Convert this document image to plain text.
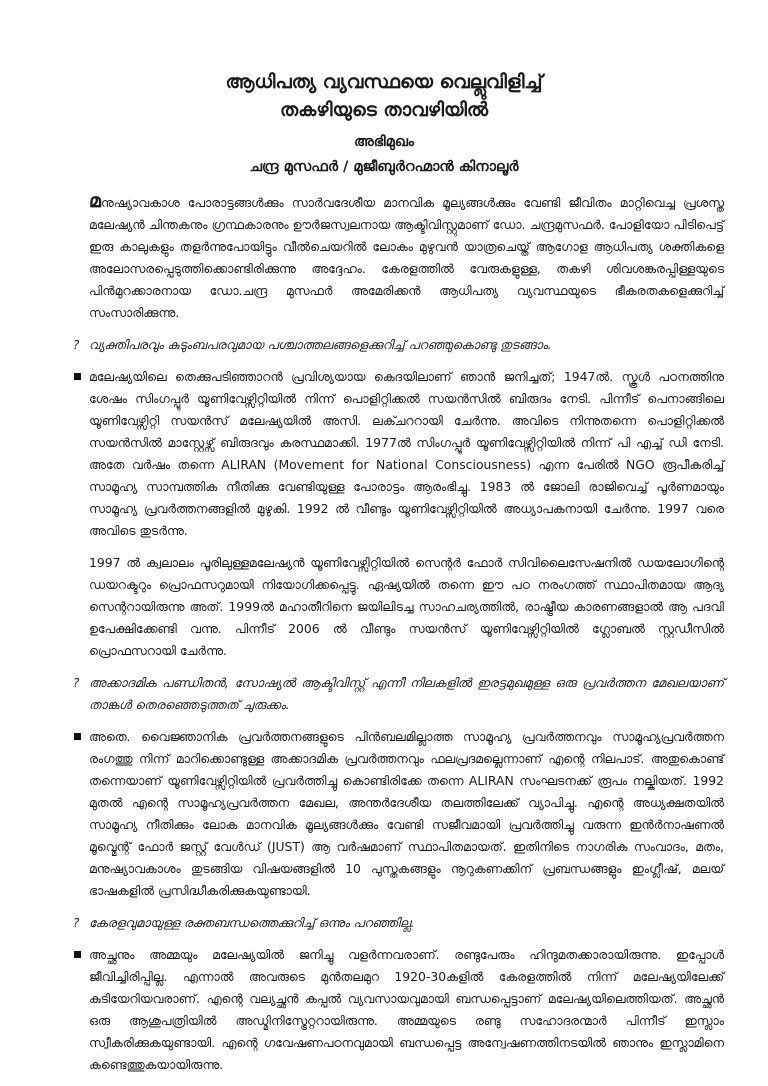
ആധിപത്യ വ്യവസ്ഥയെ വെല്ലുവിളിച്ച്
തകഴിയുടെ താവഴിയിൽ
അഭിമുഖം
ചന്ദ്ര മുസഫർ / മുജീബുർറഹ്മാൻ കിനാലൂർ

മനുഷ്യാവകാശ പോരാട്ടങ്ങൾക്കും സാർവദേശീയ മാനവിക മൂല്യങ്ങൾക്കും വേണ്ടി ജീവിതം മാറ്റിവെച്ച പ്രശസ്ത മലേഷ്യൻ ചിന്തകനും ഗ്രന്ഥകാരനും ഊർജസ്വലനായ ആക്ടിവിസ്റ്റുമാണ് ഡോ. ചന്ദ്രമുസഫർ. പോളിയോ പിടിപെട്ട് ഇരു കാലുകളും തളർന്നുപോയിട്ടും വീൽചെയറിൽ ലോകം മുഴുവൻ യാത്രചെയ്ത് ആഗോള ആധിപത്യ ശക്തികളെ അലോസരപ്പെടുത്തിക്കൊണ്ടിരിക്കുന്നു അദ്ദേഹം. കേരളത്തിൽ വേരുകളുള്ള, തകഴി ശിവശങ്കരപ്പിള്ളയുടെ പിൻമുറക്കാരനായ ഡോ.ചന്ദ്ര മുസഫർ അമേരിക്കൻ ആധിപത്യ വ്യവസ്ഥയുടെ ഭീകരതകളെക്കുറിച്ച് സംസാരിക്കുന്നു.

? വ്യക്തിപരവും കുടുംബപരവുമായ പശ്ചാത്തലങ്ങളെക്കുറിച്ച് പറഞ്ഞുകൊണ്ടു തുടങ്ങാം.
മലേഷ്യയിലെ തെക്കുപടിഞ്ഞാറൻ പ്രവിശ്യയായ കെദയിലാണ് ഞാൻ ജനിച്ചത്; 1947ൽ. സ്കൂൾ പഠനത്തിനു ശേഷം സിംഗപ്പൂർ യൂണിവേഴ്സിറ്റിയിൽ നിന്ന് പൊളിറ്റിക്കൽ സയൻസിൽ ബിരുദം നേടി. പിന്നീട് പെനാങ്ങിലെ യൂണിവേഴ്സിറ്റി സയൻസ് മലേഷ്യയിൽ അസി. ലക്ചററായി ചേർന്നു. അവിടെ നിന്നുതന്നെ പൊളിറ്റിക്കൽ സയൻസിൽ മാസ്റ്റേഴ്സ് ബിരുദവും കരസ്ഥമാക്കി. 1977ൽ സിംഗപ്പൂർ യൂണിവേഴ്സിറ്റിയിൽ നിന്ന് പി എച്ച് ഡി നേടി. അതേ വർഷം തന്നെ ALIRAN (Movement for National Consciousness) എന്ന പേരിൽ NGO രൂപീകരിച്ച് സാമൂഹ്യ സാമ്പത്തിക നീതിക്കു വേണ്ടിയുള്ള പോരാട്ടം ആരംഭിച്ചു. 1983 ൽ ജോലി രാജിവെച്ച് പൂർണമായും സാമൂഹ്യ പ്രവർത്തനങ്ങളിൽ മുഴുകി. 1992 ൽ വീണ്ടും യൂണിവേഴ്സിറ്റിയിൽ അധ്യാപകനായി ചേർന്നു. 1997 വരെ അവിടെ തുടർന്നു.

1997 ൽ ക്വലാലം പൂരിലുള്ളമലേഷ്യൻ യൂണിവേഴ്സിറ്റിയിൽ സെന്റർ ഫോർ സിവിലൈസേഷനിൽ ഡയലോഗിന്റെ ഡയറക്ടറും പ്രൊഫസറുമായി നിയോഗിക്കപ്പെട്ടു. ഏഷ്യയിൽ തന്നെ ഈ പഠ നരംഗത്ത് സ്ഥാപിതമായ ആദ്യ സെന്ററായിരുന്നു അത്. 1999ൽ മഹാതീറിനെ ജയിലിടച്ച സാഹചര്യത്തിൽ, രാഷ്ട്രീയ കാരണങ്ങളാൽ ആ പദവി ഉപേക്ഷിക്കേണ്ടി വന്നു. പിന്നീട് 2006 ൽ വീണ്ടും സയൻസ് യൂണിവേഴ്സിറ്റിയിൽ ഗ്ലോബൽ സ്റ്റഡീസിൽ പ്രൊഫസറായി ചേർന്നു.

? അക്കാദമിക പണ്ഡിതൻ, സോഷ്യൽ ആക്ടിവിസ്റ്റ് എന്നീ നിലകളിൽ ഇരട്ടമുഖമുള്ള ഒരു പ്രവർത്തന മേഖലയാണ് താങ്കൾ തെരഞ്ഞെടുത്തത് ചുരുക്കം.
അതെ. വൈജ്ഞാനിക പ്രവർത്തനങ്ങളുടെ പിൻബലമില്ലാത്ത സാമൂഹ്യ പ്രവർത്തനവും സാമൂഹ്യപ്രവർത്തന രംഗത്തു നിന്ന് മാറിക്കൊണ്ടുള്ള അക്കാദമിക പ്രവർത്തനവും ഫലപ്രദമല്ലെന്നാണ് എന്റെ നിലപാട്. അതുകൊണ്ട് തന്നെയാണ് യൂണിവേഴ്സിറ്റിയിൽ പ്രവർത്തിച്ചു കൊണ്ടിരിക്കേ തന്നെ ALIRAN സംഘടനക്ക് രൂപം നല്കിയത്. 1992 മുതൽ എന്റെ സാമൂഹ്യപ്രവർത്തന മേഖല, അന്തർദേശീയ തലത്തിലേക്ക് വ്യാപിച്ചു. എന്റെ അധ്യക്ഷതയിൽ സാമൂഹ്യ നീതിക്കും ലോക മാനവിക മൂല്യങ്ങൾക്കും വേണ്ടി സജീവമായി പ്രവർത്തിച്ചു വരുന്ന ഇൻർനാഷണൽ മൂവ്മെന്റ് ഫോർ ജസ്റ്റ് വേൾഡ് (JUST) ആ വർഷമാണ് സ്ഥാപിതമായത്. ഇതിനിടെ നാഗരിക സംവാദം, മതം, മനുഷ്യാവകാശം തുടങ്ങിയ വിഷയങ്ങളിൽ 10 പുസ്തകങ്ങളും നൂറുകണക്കിന് പ്രബന്ധങ്ങളും ഇംഗ്ലീഷ്, മലയ് ഭാഷകളിൽ പ്രസിദ്ധീകരിക്കുകയുണ്ടായി.
? കേരളവുമായുള്ള രക്തബന്ധത്തെക്കുറിച്ച് ഒന്നും പറഞ്ഞില്ല.
അച്ഛനും അമ്മയും മലേഷ്യയിൽ ജനിച്ചു വളർന്നവരാണ്. രണ്ടുപേരും ഹിന്ദുമതക്കാരായിരുന്നു. ഇപ്പോൾ ജീവിച്ചിരിപ്പില്ല. എന്നാൽ അവരുടെ മുൻതലമുറ 1920-30കളിൽ കേരളത്തിൽ നിന്ന് മലേഷ്യയിലേക്ക് കുടിയേറിയവരാണ്. എന്റെ വല്യച്ഛൻ കപ്പൽ വ്യവസായവുമായി ബന്ധപ്പെട്ടാണ് മലേഷ്യയിലെത്തിയത്. അച്ഛൻ ഒരു ആശുപത്രിയിൽ അഡ്മിനിസ്ട്രേറ്ററായിരുന്നു. അമ്മയുടെ രണ്ടു സഹോദരന്മാർ പിന്നീട് ഇസ്ലാം സ്വീകരിക്കുകയുണ്ടായി. എന്റെ ഗവേഷണപഠനവുമായി ബന്ധപ്പെട്ട അന്വേഷണത്തിനടയിൽ ഞാനും ഇസ്ലാമിനെ കണ്ടെത്തുകയായിരുന്നു.
